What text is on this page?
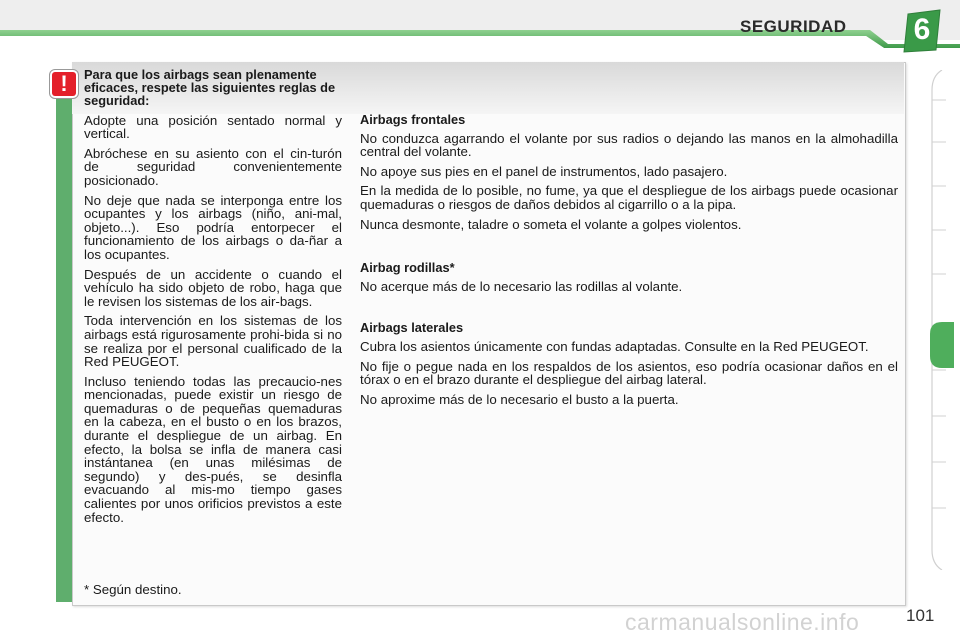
SEGURIDAD	6
!	Para que los airbags sean plenamente eficaces, respete las siguientes reglas de seguridad:

Adopte una posición sentado normal y vertical.

Abróchese en su asiento con el cin-turón de seguridad convenientemente posicionado.

No deje que nada se interponga entre los ocupantes y los airbags (niño, ani-mal, objeto...). Eso podría entorpecer el funcionamiento de los airbags o da-ñar a los ocupantes.

Después de un accidente o cuando el vehículo ha sido objeto de robo, haga que le revisen los sistemas de los air-bags.

Toda intervención en los sistemas de los airbags está rigurosamente prohi-bida si no se realiza por el personal cualificado de la Red PEUGEOT.

Incluso teniendo todas las precaucio-nes mencionadas, puede existir un riesgo de quemaduras o de pequeñas quemaduras en la cabeza, en el busto o en los brazos, durante el despliegue de un airbag. En efecto, la bolsa se infla de manera casi instántanea (en unas milésimas de segundo) y des-pués, se desinfla evacuando al mis-mo tiempo gases calientes por unos orificios previstos a este efecto.

Airbags frontales

No conduzca agarrando el volante por sus radios o dejando las manos en la almohadilla central del volante.

No apoye sus pies en el panel de instrumentos, lado pasajero.

En la medida de lo posible, no fume, ya que el despliegue de los airbags puede ocasionar quemaduras o riesgos de daños debidos al cigarrillo o a la pipa.

Nunca desmonte, taladre o someta el volante a golpes violentos.

Airbag rodillas*

No acerque más de lo necesario las rodillas al volante.

Airbags laterales

Cubra los asientos únicamente con fundas adaptadas. Consulte en la Red PEUGEOT.

No fije o pegue nada en los respaldos de los asientos, eso podría ocasionar daños en el tórax o en el brazo durante el despliegue del airbag lateral.

No aproxime más de lo necesario el busto a la puerta.

* Según destino.
carmanualsonline.info	101
